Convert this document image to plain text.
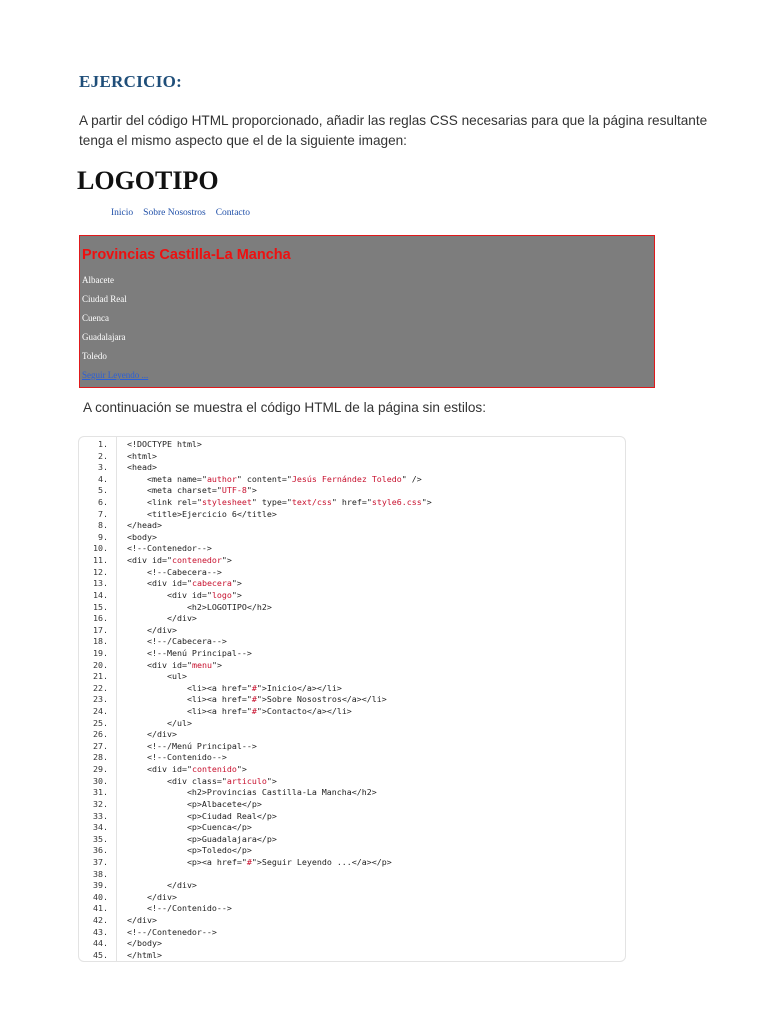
EJERCICIO:
A partir del código HTML proporcionado, añadir las reglas CSS necesarias para que la página resultante tenga el mismo aspecto que el de la siguiente imagen:
LOGOTIPO
Inicio Sobre Nosostros Contacto
Provincias Castilla-La Mancha

Albacete

Ciudad Real

Cuenca

Guadalajara

Toledo

Seguir Leyendo ...
A continuación se muestra el código HTML de la página sin estilos:
1. <!DOCTYPE html>
2. <html>
3. <head>
4. <meta name="author" content="Jesús Fernández Toledo" />
5. <meta charset="UTF-8">
6. <link rel="stylesheet" type="text/css" href="style6.css">
7. <title>Ejercicio 6</title>
8. </head>
9. <body>
10. <!--Contenedor-->
11. <div id="contenedor">
12. <!--Cabecera-->
13. <div id="cabecera">
14. <div id="logo">
15. <h2>LOGOTIPO</h2>
16. </div>
17. </div>
18. <!--/Cabecera-->
19. <!--Menú Principal-->
20. <div id="menu">
21. <ul>
22. <li><a href="#">Inicio</a></li>
23. <li><a href="#">Sobre Nosostros</a></li>
24. <li><a href="#">Contacto</a></li>
25. </ul>
26. </div>
27. <!--/Menú Principal-->
28. <!--Contenido-->
29. <div id="contenido">
30. <div class="articulo">
31. <h2>Provincias Castilla-La Mancha</h2>
32. <p>Albacete</p>
33. <p>Ciudad Real</p>
34. <p>Cuenca</p>
35. <p>Guadalajara</p>
36. <p>Toledo</p>
37. <p><a href="#">Seguir Leyendo ...</a></p>
38.
39. </div>
40. </div>
41. <!--/Contenido-->
42. </div>
43. <!--/Contenedor-->
44. </body>
45. </html>
